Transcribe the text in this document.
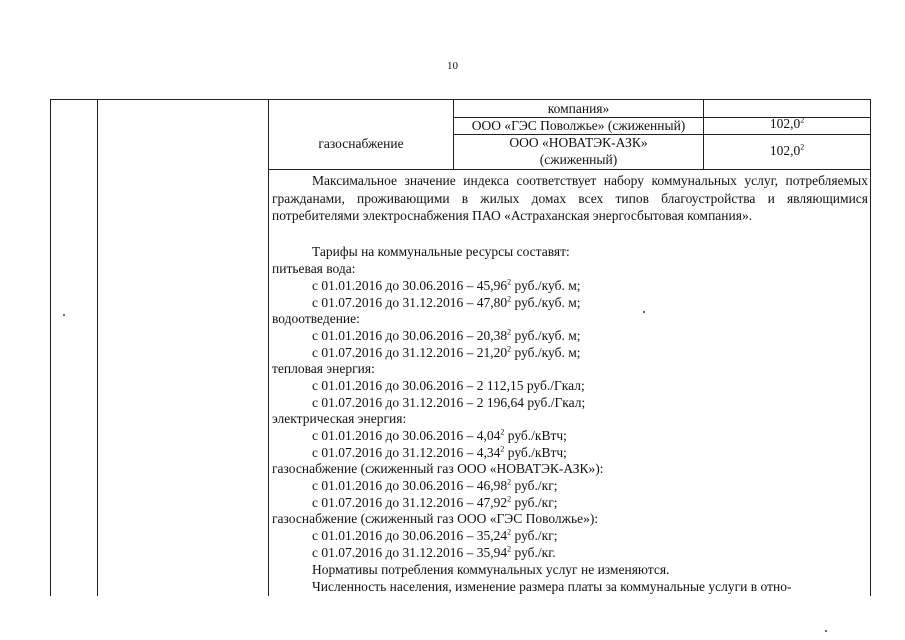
10
компания»
газоснабжение
ООО «ГЭС Поволжье» (сжиженный)	102,0$^2$
ООО «НОВАТЭК-АЗК»
(сжиженный)
102,0$^2$
Максимальное значение индекса соответствует набору коммунальных услуг, потребляемых гражданами, проживающими в жилых домах всех типов благоустройства и являющимися потребителями электроснабжения ПАО «Астраханская энергосбытовая компания».
Тарифы на коммунальные ресурсы составят:
питьевая вода:
с 01.01.2016 до 30.06.2016 – 45,96$^2$ руб./куб. м;
с 01.07.2016 до 31.12.2016 – 47,80$^2$ руб./куб. м;
водоотведение:
с 01.01.2016 до 30.06.2016 – 20,38$^2$ руб./куб. м;
с 01.07.2016 до 31.12.2016 – 21,20$^2$ руб./куб. м;
тепловая энергия:
с 01.01.2016 до 30.06.2016 – 2 112,15 руб./Гкал;
с 01.07.2016 до 31.12.2016 – 2 196,64 руб./Гкал;
электрическая энергия:
с 01.01.2016 до 30.06.2016 – 4,04$^2$ руб./кВтч;
с 01.07.2016 до 31.12.2016 – 4,34$^2$ руб./кВтч;
газоснабжение (сжиженный газ ООО «НОВАТЭК-АЗК»):
с 01.01.2016 до 30.06.2016 – 46,98$^2$ руб./кг;
с 01.07.2016 до 31.12.2016 – 47,92$^2$ руб./кг;
газоснабжение (сжиженный газ ООО «ГЭС Поволжье»):
с 01.01.2016 до 30.06.2016 – 35,24$^2$ руб./кг;
с 01.07.2016 до 31.12.2016 – 35,94$^2$ руб./кг.
Нормативы потребления коммунальных услуг не изменяются.
Численность населения, изменение размера платы за коммунальные услуги в отно-
